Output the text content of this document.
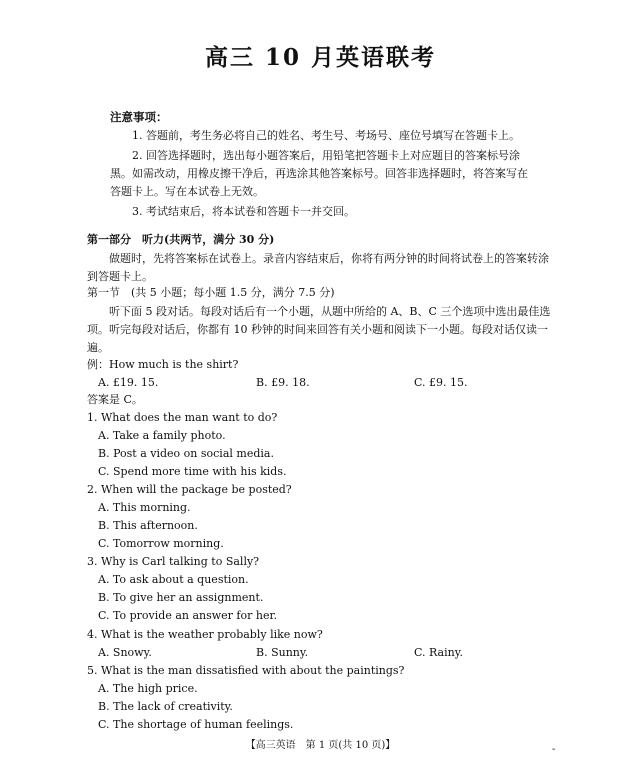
高三 10 月英语联考
注意事项：

1. 答题前，考生务必将自己的姓名、考生号、考场号、座位号填写在答题卡上。

2. 回答选择题时，选出每小题答案后，用铅笔把答题卡上对应题目的答案标号涂黑。如需改动，用橡皮擦干净后，再选涂其他答案标号。回答非选择题时，将答案写在答题卡上。写在本试卷上无效。

3. 考试结束后，将本试卷和答题卡一并交回。

第一部分　听力(共两节，满分 30 分)

做题时，先将答案标在试卷上。录音内容结束后，你将有两分钟的时间将试卷上的答案转涂到答题卡上。

第一节　(共 5 小题；每小题 1.5 分，满分 7.5 分)

听下面 5 段对话。每段对话后有一个小题，从题中所给的 A、B、C 三个选项中选出最佳选项。听完每段对话后，你都有 10 秒钟的时间来回答有关小题和阅读下一小题。每段对话仅读一遍。

例：How much is the shirt?
A. £19. 15.	B. £9. 18.	C. £9. 15.
答案是 C。
1. What does the man want to do?
A. Take a family photo.
B. Post a video on social media.
C. Spend more time with his kids.
2. When will the package be posted?
A. This morning.
B. This afternoon.
C. Tomorrow morning.
3. Why is Carl talking to Sally?
A. To ask about a question.
B. To give her an assignment.
C. To provide an answer for her.
4. What is the weather probably like now?
A. Snowy.	B. Sunny.	C. Rainy.
5. What is the man dissatisfied with about the paintings?
A. The high price.
B. The lack of creativity.
C. The shortage of human feelings.
【高三英语　第 1 页(共 10 页)】	-
